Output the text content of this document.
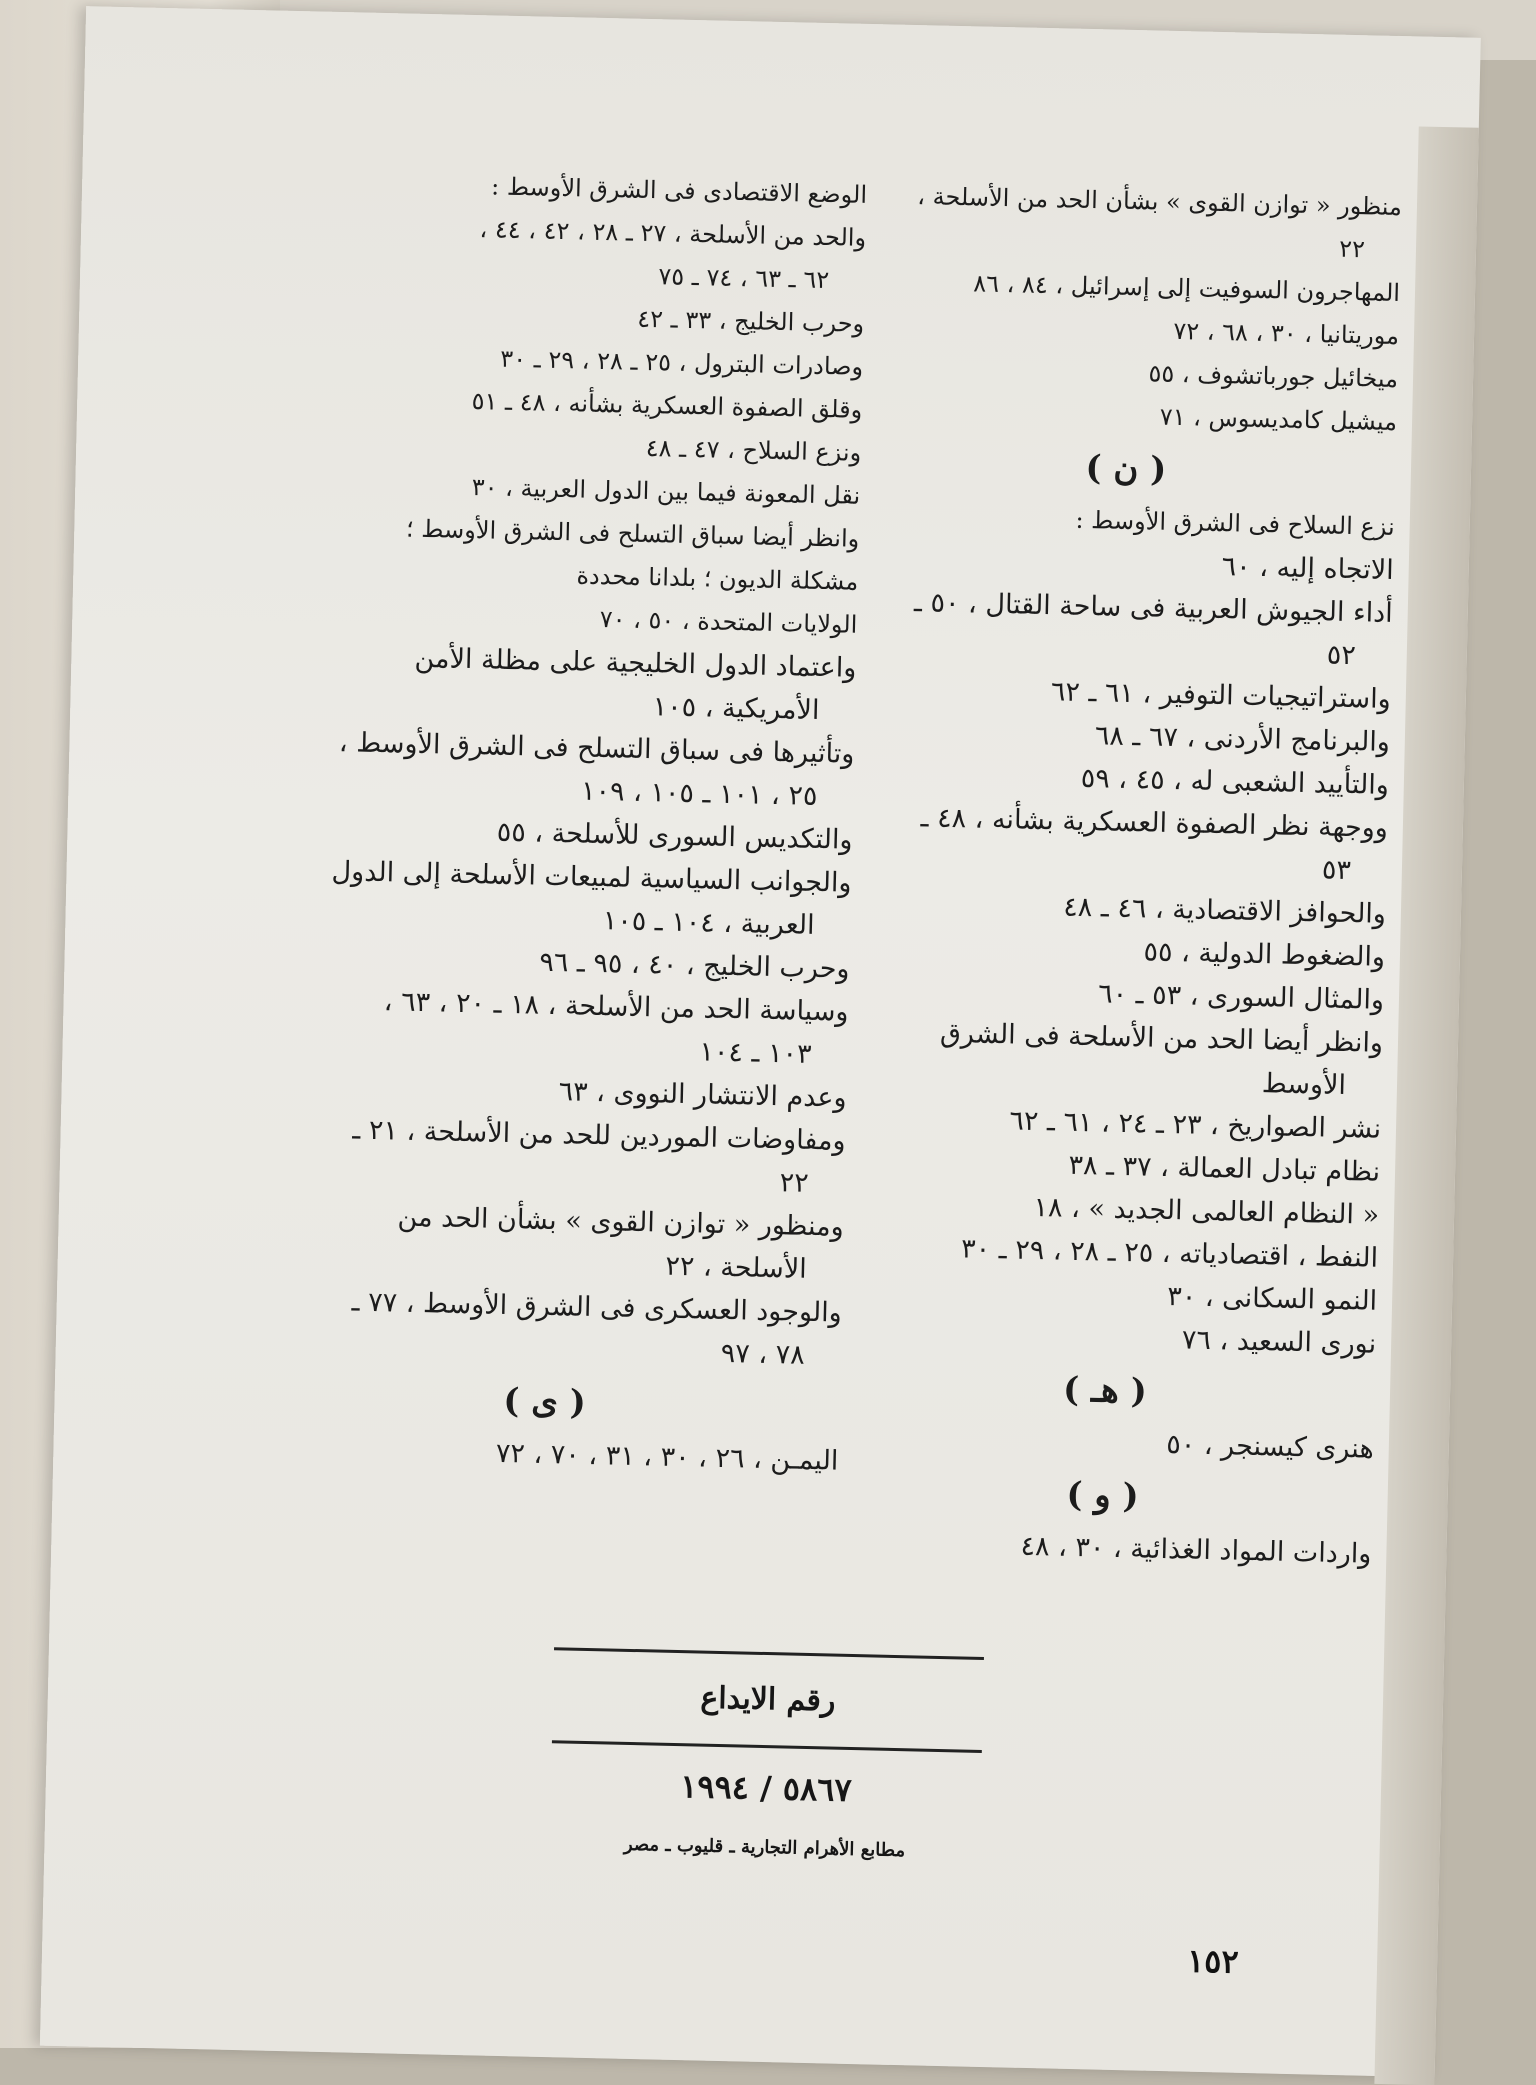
منظور « توازن القوى » بشأن الحد من الأسلحة ،

٢٢

المهاجرون السوفيت إلى إسرائيل ، ٨٤ ، ٨٦

موريتانيا ، ٣٠ ، ٦٨ ، ٧٢

ميخائيل جورباتشوف ، ٥٥

ميشيل كامديسوس ، ٧١

( ن )

نزع السلاح فى الشرق الأوسط :

الاتجاه إليه ، ٦٠

أداء الجيوش العربية فى ساحة القتال ، ٥٠ ـ

٥٢

واستراتيجيات التوفير ، ٦١ ـ ٦٢

والبرنامج الأردنى ، ٦٧ ـ ٦٨

والتأييد الشعبى له ، ٤٥ ، ٥٩

ووجهة نظر الصفوة العسكرية بشأنه ، ٤٨ ـ

٥٣

والحوافز الاقتصادية ، ٤٦ ـ ٤٨

والضغوط الدولية ، ٥٥

والمثال السورى ، ٥٣ ـ ٦٠

وانظر أيضا الحد من الأسلحة فى الشرق

الأوسط

نشر الصواريخ ، ٢٣ ـ ٢٤ ، ٦١ ـ ٦٢

نظام تبادل العمالة ، ٣٧ ـ ٣٨

« النظام العالمى الجديد » ، ١٨

النفط ، اقتصادياته ، ٢٥ ـ ٢٨ ، ٢٩ ـ ٣٠

النمو السكانى ، ٣٠

نورى السعيد ، ٧٦

( هـ )

هنرى كيسنجر ، ٥٠

( و )

واردات المواد الغذائية ، ٣٠ ، ٤٨

الوضع الاقتصادى فى الشرق الأوسط :

والحد من الأسلحة ، ٢٧ ـ ٢٨ ، ٤٢ ، ٤٤ ،

٦٢ ـ ٦٣ ، ٧٤ ـ ٧٥

وحرب الخليج ، ٣٣ ـ ٤٢

وصادرات البترول ، ٢٥ ـ ٢٨ ، ٢٩ ـ ٣٠

وقلق الصفوة العسكرية بشأنه ، ٤٨ ـ ٥١

ونزع السلاح ، ٤٧ ـ ٤٨

نقل المعونة فيما بين الدول العربية ، ٣٠

وانظر أيضا سباق التسلح فى الشرق الأوسط ؛

مشكلة الديون ؛ بلدانا محددة

الولايات المتحدة ، ٥٠ ، ٧٠

واعتماد الدول الخليجية على مظلة الأمن

الأمريكية ، ١٠٥

وتأثيرها فى سباق التسلح فى الشرق الأوسط ،

٢٥ ، ١٠١ ـ ١٠٥ ، ١٠٩

والتكديس السورى للأسلحة ، ٥٥

والجوانب السياسية لمبيعات الأسلحة إلى الدول

العربية ، ١٠٤ ـ ١٠٥

وحرب الخليج ، ٤٠ ، ٩٥ ـ ٩٦

وسياسة الحد من الأسلحة ، ١٨ ـ ٢٠ ، ٦٣ ،

١٠٣ ـ ١٠٤

وعدم الانتشار النووى ، ٦٣

ومفاوضات الموردين للحد من الأسلحة ، ٢١ ـ

٢٢

ومنظور « توازن القوى » بشأن الحد من

الأسلحة ، ٢٢

والوجود العسكرى فى الشرق الأوسط ، ٧٧ ـ

٧٨ ، ٩٧

( ى )

اليمـن ، ٢٦ ، ٣٠ ، ٣١ ، ٧٠ ، ٧٢

رقم الايداع
٥٨٦٧ / ١٩٩٤
مطابع الأهرام التجارية ـ قليوب ـ مصر
١٥٢
